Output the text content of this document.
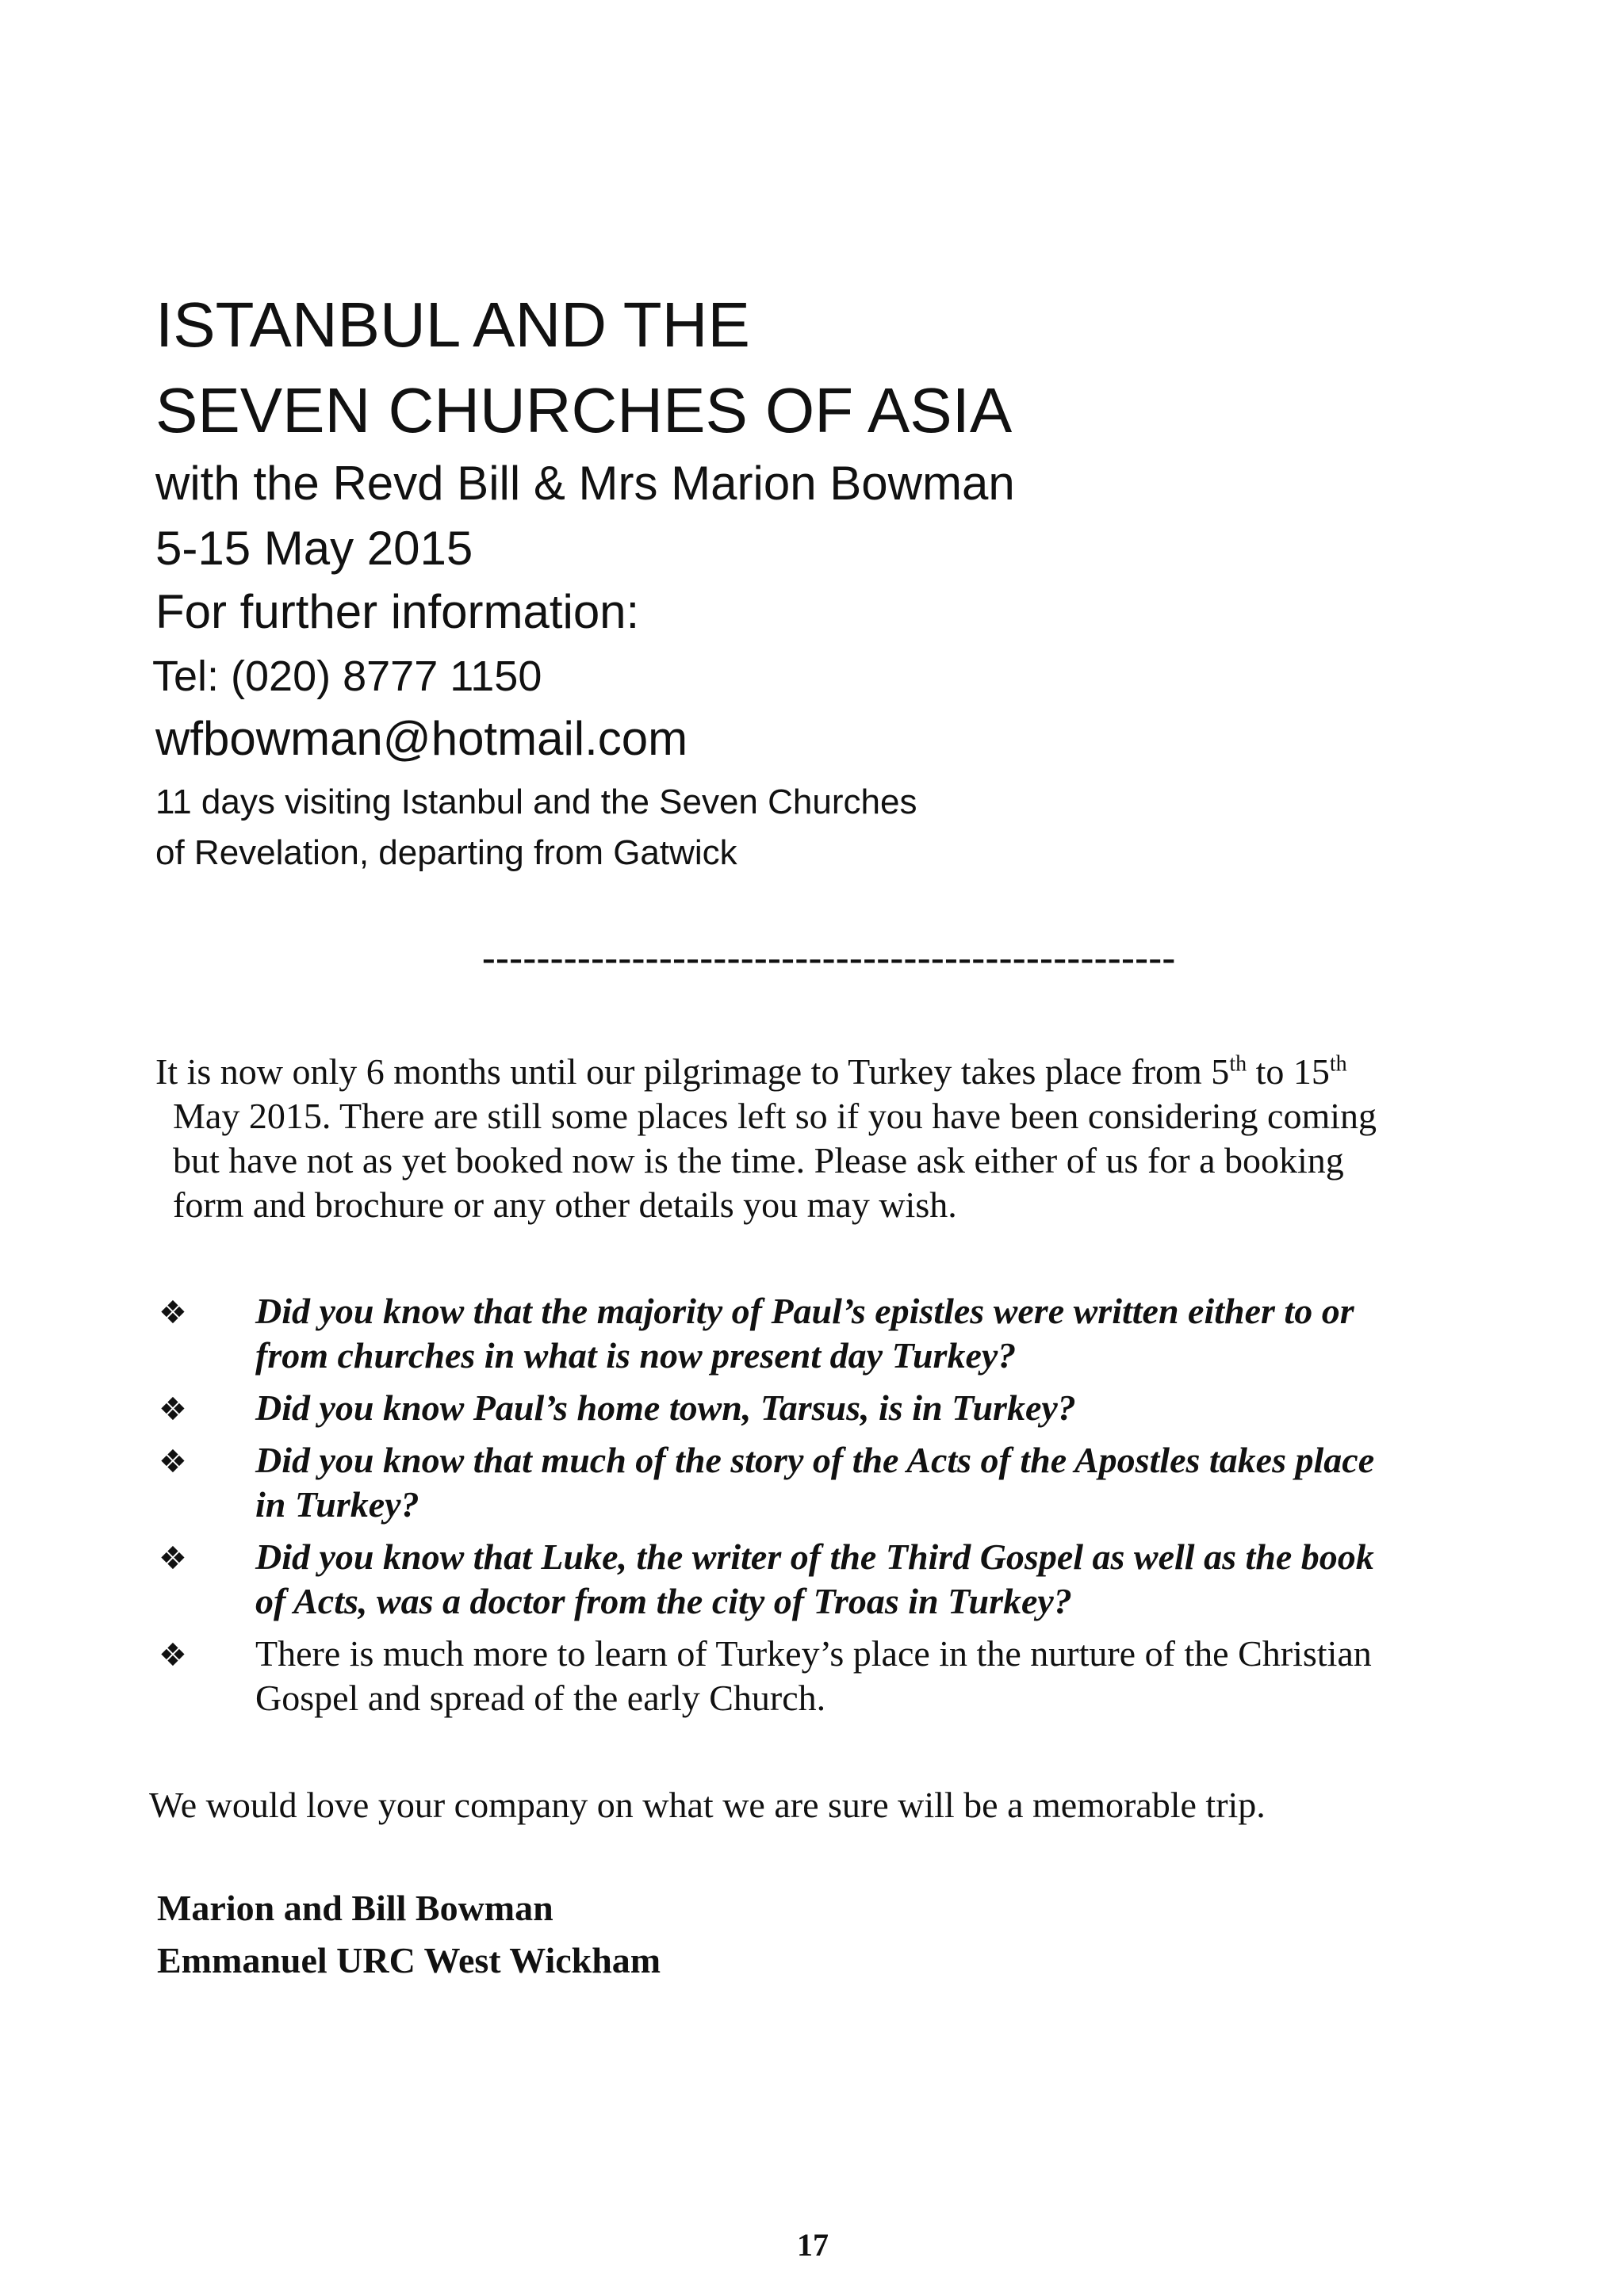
ISTANBUL AND THE
SEVEN CHURCHES OF ASIA
with the Revd Bill & Mrs Marion Bowman
5-15 May 2015
For further information:
Tel: (020) 8777 1150
wfbowman@hotmail.com
11 days visiting Istanbul and the Seven Churches
of Revelation, departing from Gatwick
---------------------------------------------------
It is now only 6 months until our pilgrimage to Turkey takes place from 5th to 15th
May 2015. There are still some places left so if you have been considering coming
but have not as yet booked now is the time. Please ask either of us for a booking
form and brochure or any other details you may wish.
❖ Did you know that the majority of Paul’s epistles were written either to or
from churches in what is now present day Turkey?
❖ Did you know Paul’s home town, Tarsus, is in Turkey?
❖ Did you know that much of the story of the Acts of the Apostles takes place
in Turkey?
❖ Did you know that Luke, the writer of the Third Gospel as well as the book
of Acts, was a doctor from the city of Troas in Turkey?
❖ There is much more to learn of Turkey’s place in the nurture of the Christian
Gospel and spread of the early Church.
We would love your company on what we are sure will be a memorable trip.
Marion and Bill Bowman
Emmanuel URC West Wickham
17
